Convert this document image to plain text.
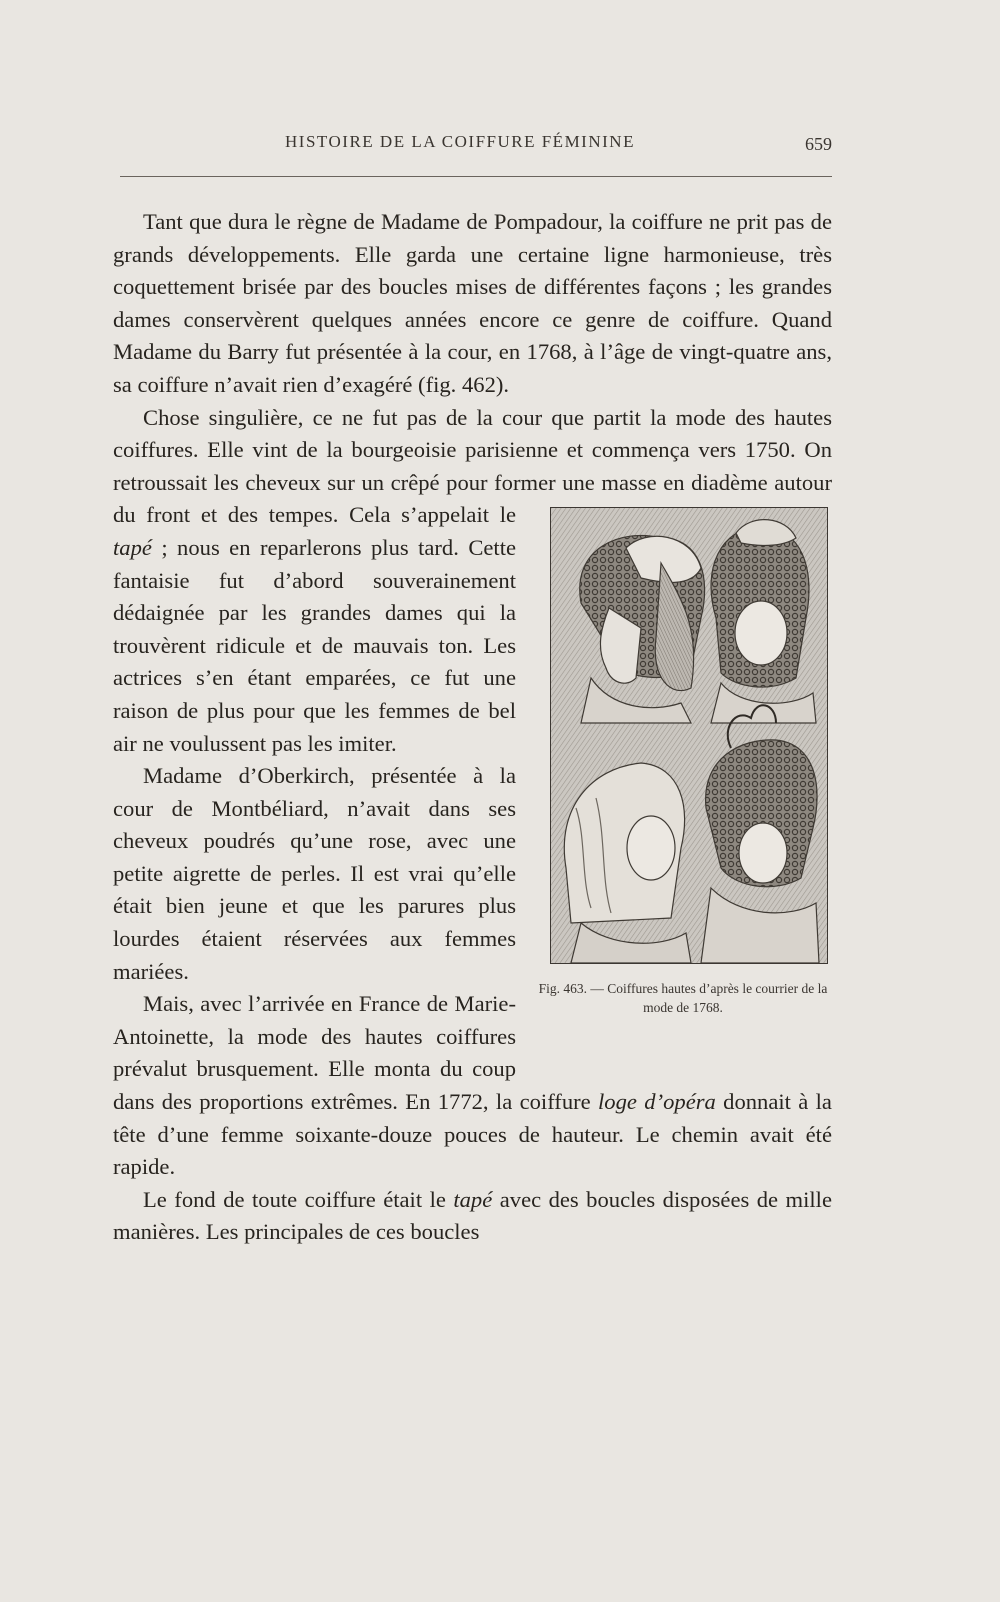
HISTOIRE DE LA COIFFURE FÉMININE	659

Tant que dura le règne de Madame de Pompadour, la coiffure ne prit pas de grands développements. Elle garda une certaine ligne harmonieuse, très coquettement brisée par des boucles mises de différentes façons ; les grandes dames conservèrent quelques années encore ce genre de coiffure. Quand Madame du Barry fut présentée à la cour, en 1768, à l’âge de vingt-quatre ans, sa coiffure n’avait rien d’exagéré (fig. 462).

Chose singulière, ce ne fut pas de la cour que partit la mode des hautes coiffures. Elle vint de la bourgeoisie parisienne et commença vers 1750. On retroussait les cheveux sur un crêpé pour former une masse en diadème autour du front et des tempes. Cela s’appelait le
Fig. 463. — Coiffures hautes d’après le courrier de la mode de 1768.
tapé ; nous en reparlerons plus tard. Cette fantaisie fut d’abord souverainement dédaignée par les grandes dames qui la trouvèrent ridicule et de mauvais ton. Les actrices s’en étant emparées, ce fut une raison de plus pour que les femmes de bel air ne voulussent pas les imiter.

Madame d’Oberkirch, présentée à la cour de Montbéliard, n’avait dans ses cheveux poudrés qu’une rose, avec une petite aigrette de perles. Il est vrai qu’elle était bien jeune et que les parures plus lourdes étaient réservées aux femmes mariées.

Mais, avec l’arrivée en France de Marie-Antoinette, la mode des hautes coiffures prévalut brusquement. Elle monta du coup dans des proportions extrêmes. En 1772, la coiffure loge d’opéra donnait à la tête d’une femme soixante-douze pouces de hauteur. Le chemin avait été rapide.

Le fond de toute coiffure était le tapé avec des boucles disposées de mille manières. Les principales de ces boucles
